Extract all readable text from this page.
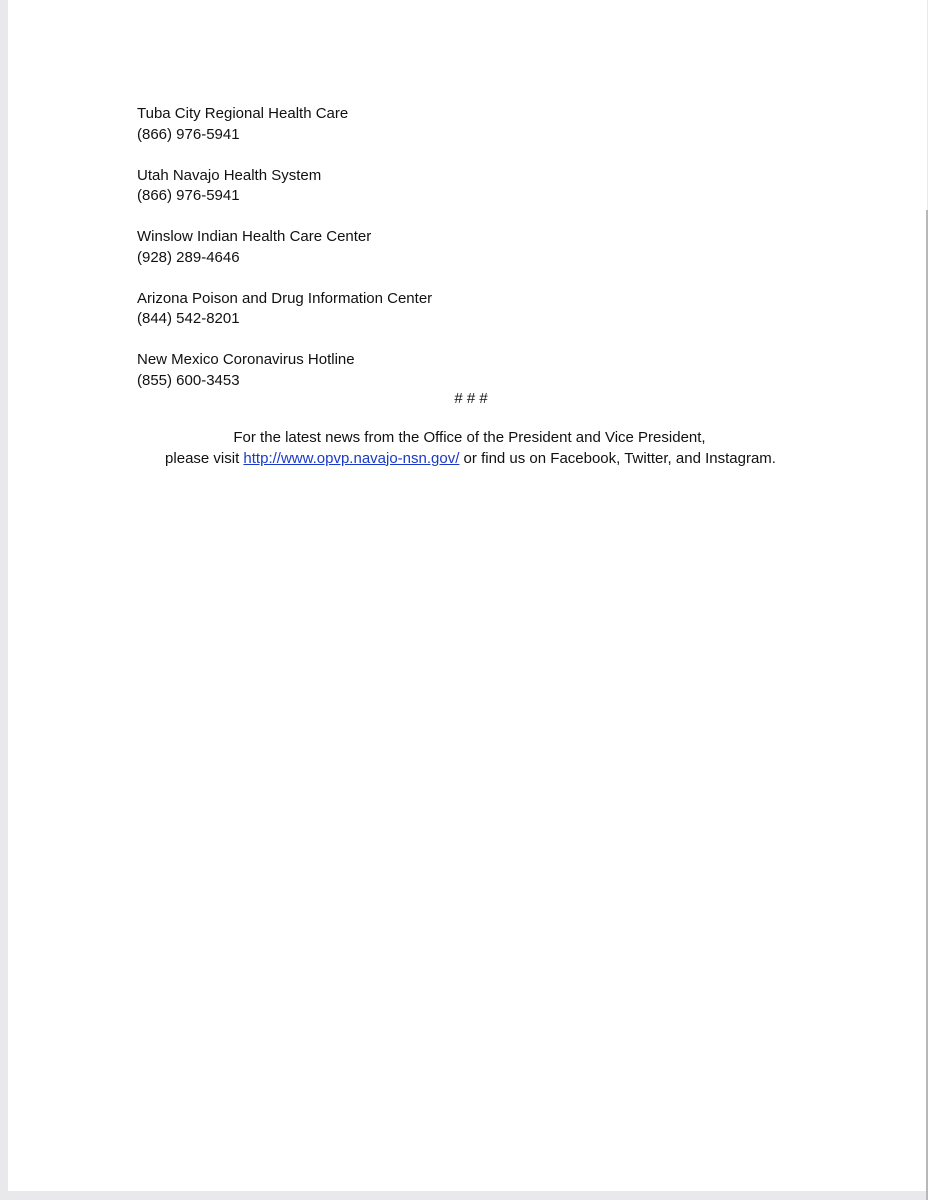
Tuba City Regional Health Care
(866) 976-5941
Utah Navajo Health System
(866) 976-5941
Winslow Indian Health Care Center
(928) 289-4646
Arizona Poison and Drug Information Center
(844) 542-8201
New Mexico Coronavirus Hotline
(855) 600-3453
# # #
For the latest news from the Office of the President and Vice President,
please visit http://www.opvp.navajo-nsn.gov/ or find us on Facebook, Twitter, and Instagram.
